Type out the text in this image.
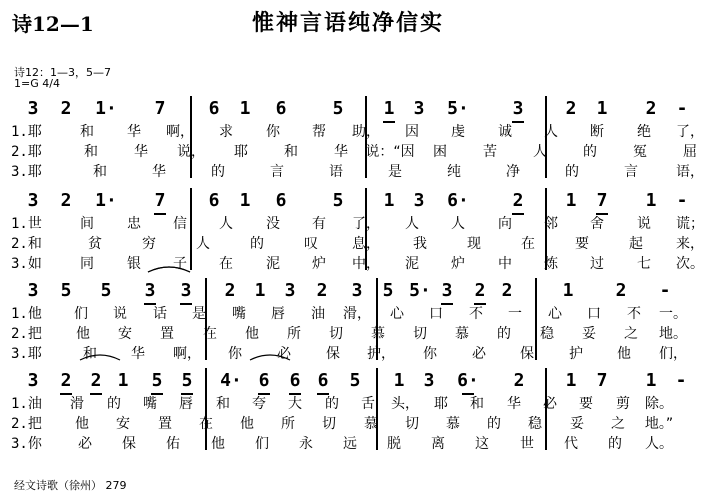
诗12—1	惟神言语纯净信实
诗12：1—3，5—7
1=G 4/4
3 2 1· 7 6 1 6	5 1 3 5· 3 2 1 2 -
1.耶	和 华 啊， 求 你 帮 助， 因 虔 诚 人 断 绝 了，
2.耶	和	华 说， 耶	和	华 说：“因 困	苦	人	的	冤	屈
3.耶	和	华	的	言	语	是	纯	净	的	言	语，
3 2 1· 7 6 1 6	5 1 3 6· 2 1 7 1 -
1.世	间 忠 信 人 没 有 了， 人 人 向 邻 舍 说 谎；
2.和	贫	穷	人	的	叹 息， 我	现	在	要	起 来，
3.如	同 银 子 在 泥 炉 中， 泥 炉 中 炼 过 七 次。
3 5 5 3 3 2 1 3 2 3 5 5· 3 2 2	1 2 -
1.他 们 说 话 是 嘴 唇 油 滑， 心 口 不 一 心 口 不 一。
2.把 他 安 置 在 他 所 切 慕 切 慕 的 稳 妥 之 地。
3.耶	和 华 啊， 你	必	保 护， 你	必 保	护 他 们，
3 2 2 1 5 5 4· 6 6 6 5 1 3 6· 2 1 7 1 -
1.油 滑 的 嘴 唇 和 夸 大 的 舌 头， 耶 和 华 必 要 剪 除。
2.把 他 安 置 在 他 所 切 慕 切 慕 的 稳 妥 之 地。”
3.你	必 保 佑 他 们 永 远 脱 离 这 世 代 的 人。
经文诗歌（徐州） 279
